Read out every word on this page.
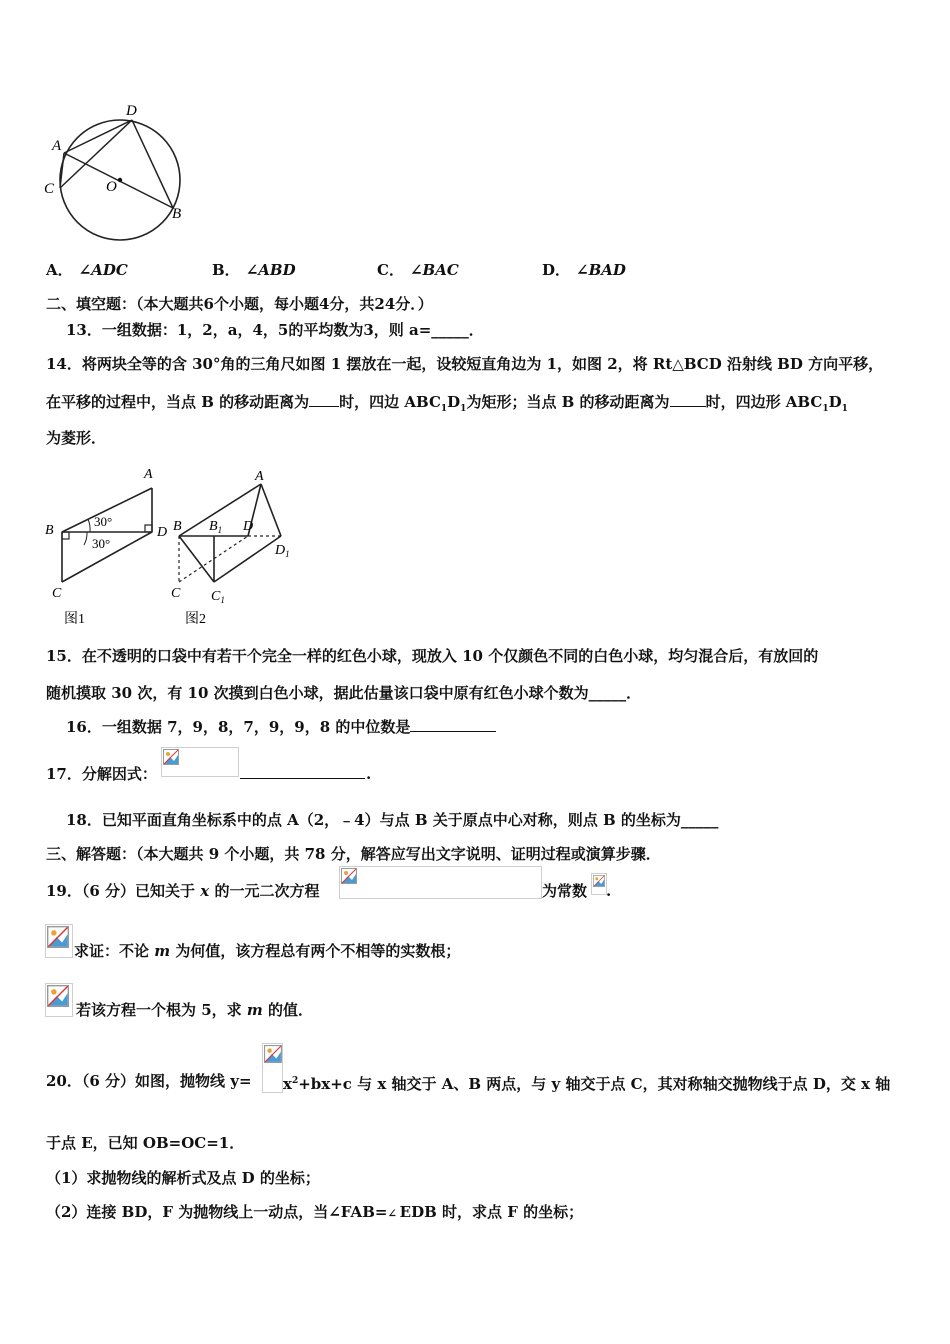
D
A
C	O
B
A． ∠ADC	B． ∠ABD	C． ∠BAC	D． ∠BAD
二、填空题：（本大题共6个小题，每小题4分，共24分．）
13．一组数据：1，2，a，4，5的平均数为3，则 a=_____．
14．将两块全等的含 30°角的三角尺如图 1 摆放在一起，设较短直角边为 1，如图 2，将 Rt△BCD 沿射线 BD 方向平移，
在平移的过程中，当点 B 的移动距离为 时，四边 $ABC_1D_1$为矩形；当点 B 的移动距离为 时，四边形 $ABC_1D_1$
为菱形．
A
B	D
C
30°
30°
图1
A
B $B_1$ D
$D_1$
C $C_1$
图2
15．在不透明的口袋中有若干个完全一样的红色小球，现放入 10 个仅颜色不同的白色小球，均匀混合后，有放回的
随机摸取 30 次，有 10 次摸到白色小球，据此估量该口袋中原有红色小球个数为_____．
16．一组数据 7，9，8，7，9，9，8 的中位数是
17．分解因式：	.
18．已知平面直角坐标系中的点 A（2，﹣4）与点 B 关于原点中心对称，则点 B 的坐标为_____
三、解答题：（本大题共 9 个小题，共 78 分，解答应写出文字说明、证明过程或演算步骤．
19．（6 分）已知关于 x 的一元二次方程	为常数 .
求证：不论 m 为何值，该方程总有两个不相等的实数根；
若该方程一个根为 5，求 m 的值．
20．（6 分）如图，抛物线 $y= x^2+bx+c$ 与 x 轴交于 A、B 两点，与 y 轴交于点 C，其对称轴交抛物线于点 D，交 x 轴
于点 E，已知 OB=OC=1．
（1）求抛物线的解析式及点 D 的坐标；
（2）连接 BD，F 为抛物线上一动点，当∠FAB=∠ EDB 时，求点 F 的坐标；
